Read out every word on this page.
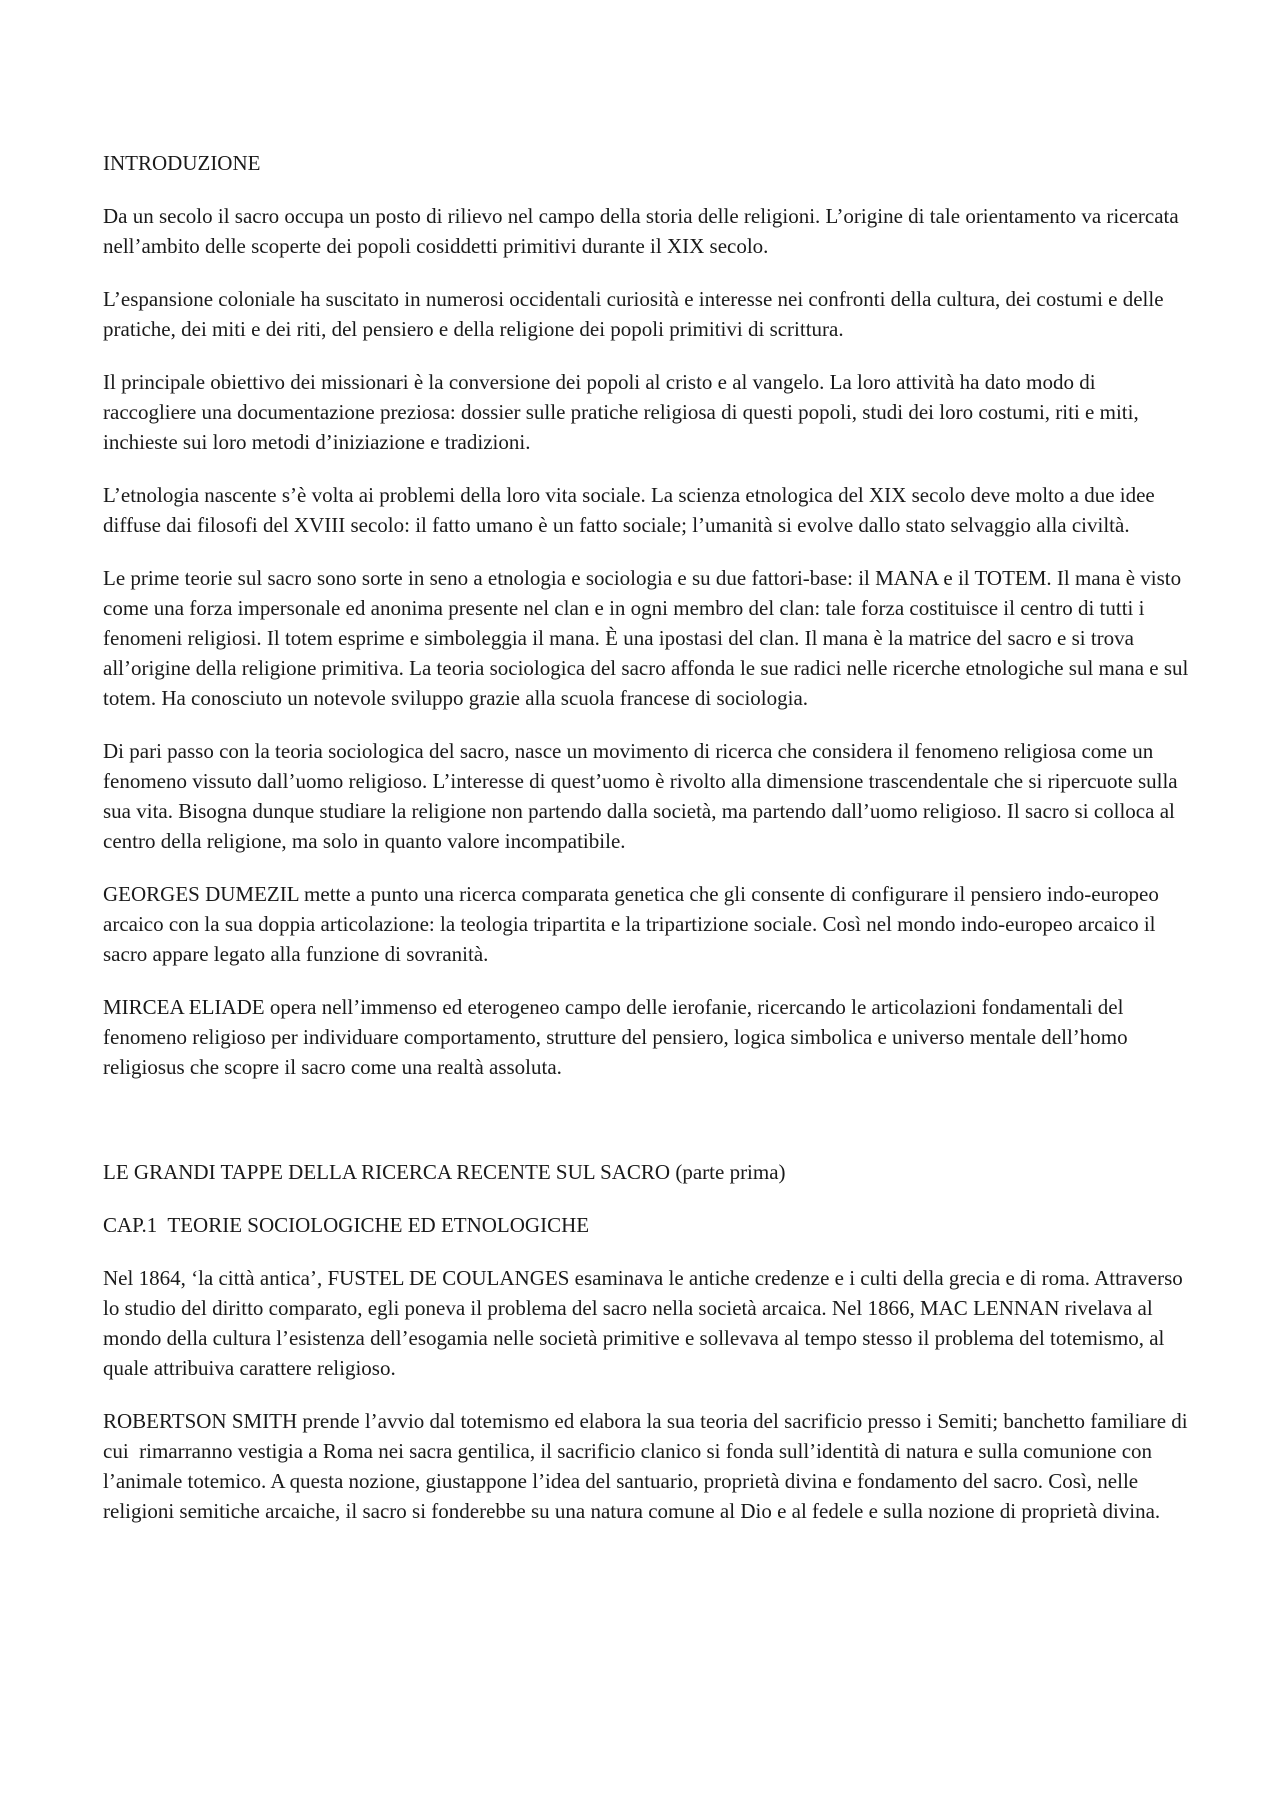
INTRODUZIONE

Da un secolo il sacro occupa un posto di rilievo nel campo della storia delle religioni. L’origine di tale orientamento va ricercata nell’ambito delle scoperte dei popoli cosiddetti primitivi durante il XIX secolo.

L’espansione coloniale ha suscitato in numerosi occidentali curiosità e interesse nei confronti della cultura, dei costumi e delle pratiche, dei miti e dei riti, del pensiero e della religione dei popoli primitivi di scrittura.

Il principale obiettivo dei missionari è la conversione dei popoli al cristo e al vangelo. La loro attività ha dato modo di raccogliere una documentazione preziosa: dossier sulle pratiche religiosa di questi popoli, studi dei loro costumi, riti e miti, inchieste sui loro metodi d’iniziazione e tradizioni.

L’etnologia nascente s’è volta ai problemi della loro vita sociale. La scienza etnologica del XIX secolo deve molto a due idee diffuse dai filosofi del XVIII secolo: il fatto umano è un fatto sociale; l’umanità si evolve dallo stato selvaggio alla civiltà.

Le prime teorie sul sacro sono sorte in seno a etnologia e sociologia e su due fattori-base: il MANA e il TOTEM. Il mana è visto come una forza impersonale ed anonima presente nel clan e in ogni membro del clan: tale forza costituisce il centro di tutti i fenomeni religiosi. Il totem esprime e simboleggia il mana. È una ipostasi del clan. Il mana è la matrice del sacro e si trova all’origine della religione primitiva. La teoria sociologica del sacro affonda le sue radici nelle ricerche etnologiche sul mana e sul totem. Ha conosciuto un notevole sviluppo grazie alla scuola francese di sociologia.

Di pari passo con la teoria sociologica del sacro, nasce un movimento di ricerca che considera il fenomeno religiosa come un fenomeno vissuto dall’uomo religioso. L’interesse di quest’uomo è rivolto alla dimensione trascendentale che si ripercuote sulla sua vita. Bisogna dunque studiare la religione non partendo dalla società, ma partendo dall’uomo religioso. Il sacro si colloca al centro della religione, ma solo in quanto valore incompatibile.

GEORGES DUMEZIL mette a punto una ricerca comparata genetica che gli consente di configurare il pensiero indo-europeo arcaico con la sua doppia articolazione: la teologia tripartita e la tripartizione sociale. Così nel mondo indo-europeo arcaico il sacro appare legato alla funzione di sovranità.

MIRCEA ELIADE opera nell’immenso ed eterogeneo campo delle ierofanie, ricercando le articolazioni fondamentali del fenomeno religioso per individuare comportamento, strutture del pensiero, logica simbolica e universo mentale dell’homo religiosus che scopre il sacro come una realtà assoluta.

LE GRANDI TAPPE DELLA RICERCA RECENTE SUL SACRO (parte prima)
CAP.1  TEORIE SOCIOLOGICHE ED ETNOLOGICHE

Nel 1864, ‘la città antica’, FUSTEL DE COULANGES esaminava le antiche credenze e i culti della grecia e di roma. Attraverso lo studio del diritto comparato, egli poneva il problema del sacro nella società arcaica. Nel 1866, MAC LENNAN rivelava al mondo della cultura l’esistenza dell’esogamia nelle società primitive e sollevava al tempo stesso il problema del totemismo, al quale attribuiva carattere religioso.

ROBERTSON SMITH prende l’avvio dal totemismo ed elabora la sua teoria del sacrificio presso i Semiti; banchetto familiare di cui  rimarranno vestigia a Roma nei sacra gentilica, il sacrificio clanico si fonda sull’identità di natura e sulla comunione con l’animale totemico. A questa nozione, giustappone l’idea del santuario, proprietà divina e fondamento del sacro. Così, nelle religioni semitiche arcaiche, il sacro si fonderebbe su una natura comune al Dio e al fedele e sulla nozione di proprietà divina.
